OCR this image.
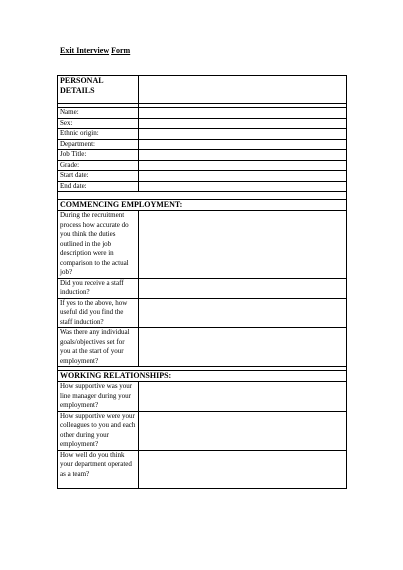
Exit Interview Form
PERSONAL DETAILS	

Name:	
Sex:	
Ethnic origin:	
Department:	
Job Title:	
Grade:	
Start date:	
End date:	

COMMENCING EMPLOYMENT:	

During the recruitment process how accurate do you think the duties outlined in the job description were in comparison to the actual job?	
Did you receive a staff induction?	
If yes to the above, how useful did you find the staff induction?	
Was there any individual goals/objectives set for you at the start of your employment?	

WORKING RELATIONSHIPS:	

How supportive was your line manager during your employment?	
How supportive were your colleagues to you and each other during your employment?	
How well do you think your department operated as a team?	
